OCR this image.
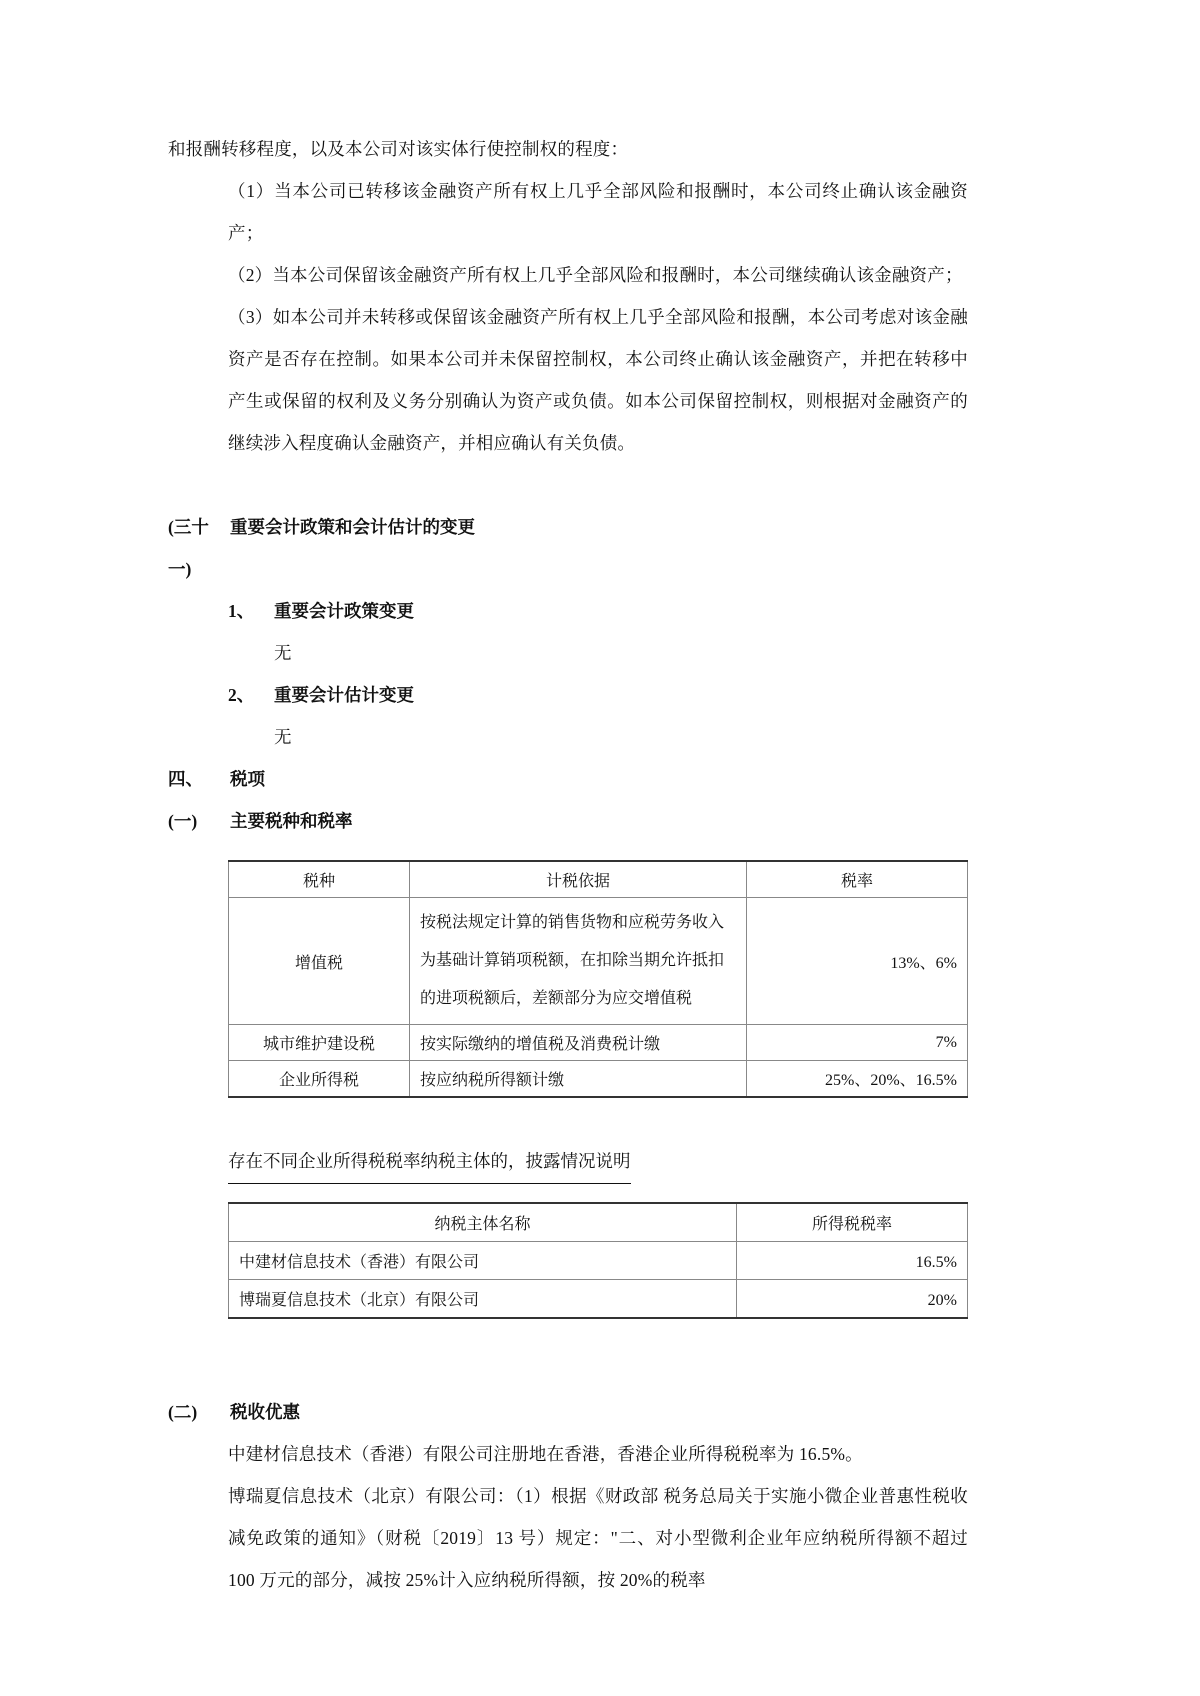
和报酬转移程度，以及本公司对该实体行使控制权的程度：

（1）当本公司已转移该金融资产所有权上几乎全部风险和报酬时，本公司终止确认该金融资产；

（2）当本公司保留该金融资产所有权上几乎全部风险和报酬时，本公司继续确认该金融资产；

（3）如本公司并未转移或保留该金融资产所有权上几乎全部风险和报酬，本公司考虑对该金融资产是否存在控制。如果本公司并未保留控制权，本公司终止确认该金融资产，并把在转移中产生或保留的权利及义务分别确认为资产或负债。如本公司保留控制权，则根据对金融资产的继续涉入程度确认金融资产，并相应确认有关负债。

(三十一)
重要会计政策和会计估计的变更
1、	重要会计政策变更

无

2、	重要会计估计变更

无

四、	税项
(一)	主要税种和税率
税种	计税依据	税率
增值税	按税法规定计算的销售货物和应税劳务收入为基础计算销项税额，在扣除当期允许抵扣的进项税额后，差额部分为应交增值税	13%、6%
城市维护建设税	按实际缴纳的增值税及消费税计缴	7%
企业所得税	按应纳税所得额计缴	25%、20%、16.5%
存在不同企业所得税税率纳税主体的，披露情况说明
纳税主体名称	所得税税率
中建材信息技术（香港）有限公司	16.5%
博瑞夏信息技术（北京）有限公司	20%
(二)	税收优惠

中建材信息技术（香港）有限公司注册地在香港，香港企业所得税税率为 16.5%。

博瑞夏信息技术（北京）有限公司：（1）根据《财政部 税务总局关于实施小微企业普惠性税收减免政策的通知》（财税〔2019〕13 号）规定："二、对小型微利企业年应纳税所得额不超过 100 万元的部分，减按 25%计入应纳税所得额，按 20%的税率
